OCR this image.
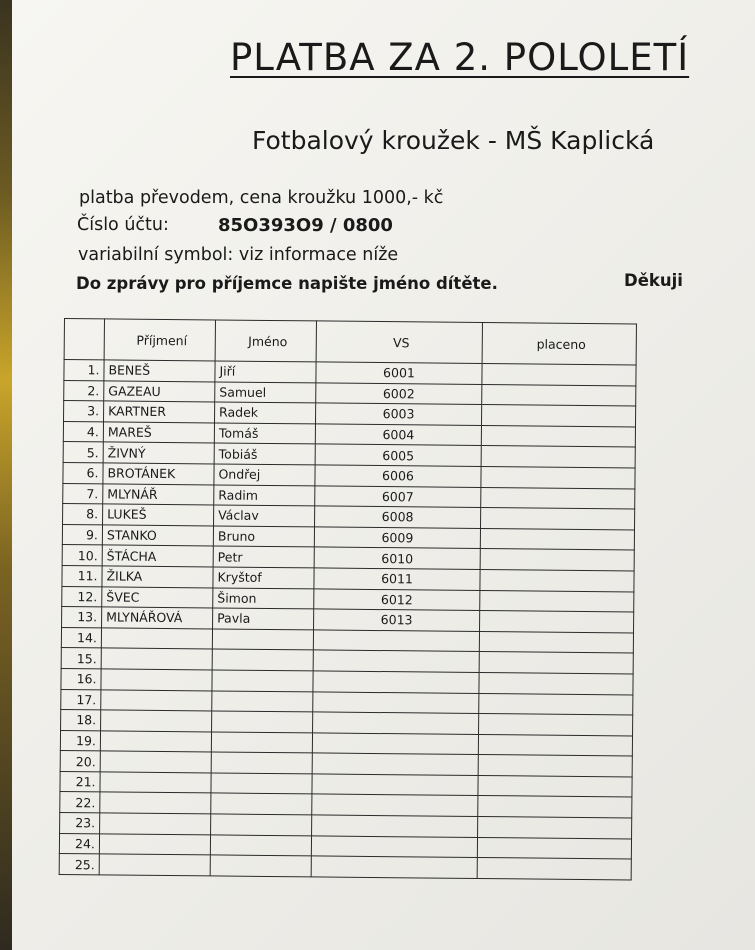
PLATBA ZA 2. POLOLETÍ
Fotbalový kroužek - MŠ Kaplická
platba převodem, cena kroužku 1000,- kč
Číslo účtu:	85O393O9 / 0800
variabilní symbol: viz informace níže
Do zprávy pro příjemce napište jméno dítěte.	Děkuji
	Příjmení	Jméno	VS	placeno
1.	BENEŠ	Jiří	6001	
2.	GAZEAU	Samuel	6002	
3.	KARTNER	Radek	6003	
4.	MAREŠ	Tomáš	6004	
5.	ŽIVNÝ	Tobiáš	6005	
6.	BROTÁNEK	Ondřej	6006	
7.	MLYNÁŘ	Radim	6007	
8.	LUKEŠ	Václav	6008	
9.	STANKO	Bruno	6009	
10.	ŠTÁCHA	Petr	6010	
11.	ŽILKA	Kryštof	6011	
12.	ŠVEC	Šimon	6012	
13.	MLYNÁŘOVÁ	Pavla	6013	
14.				
15.				
16.				
17.				
18.				
19.				
20.				
21.				
22.				
23.				
24.				
25.				
